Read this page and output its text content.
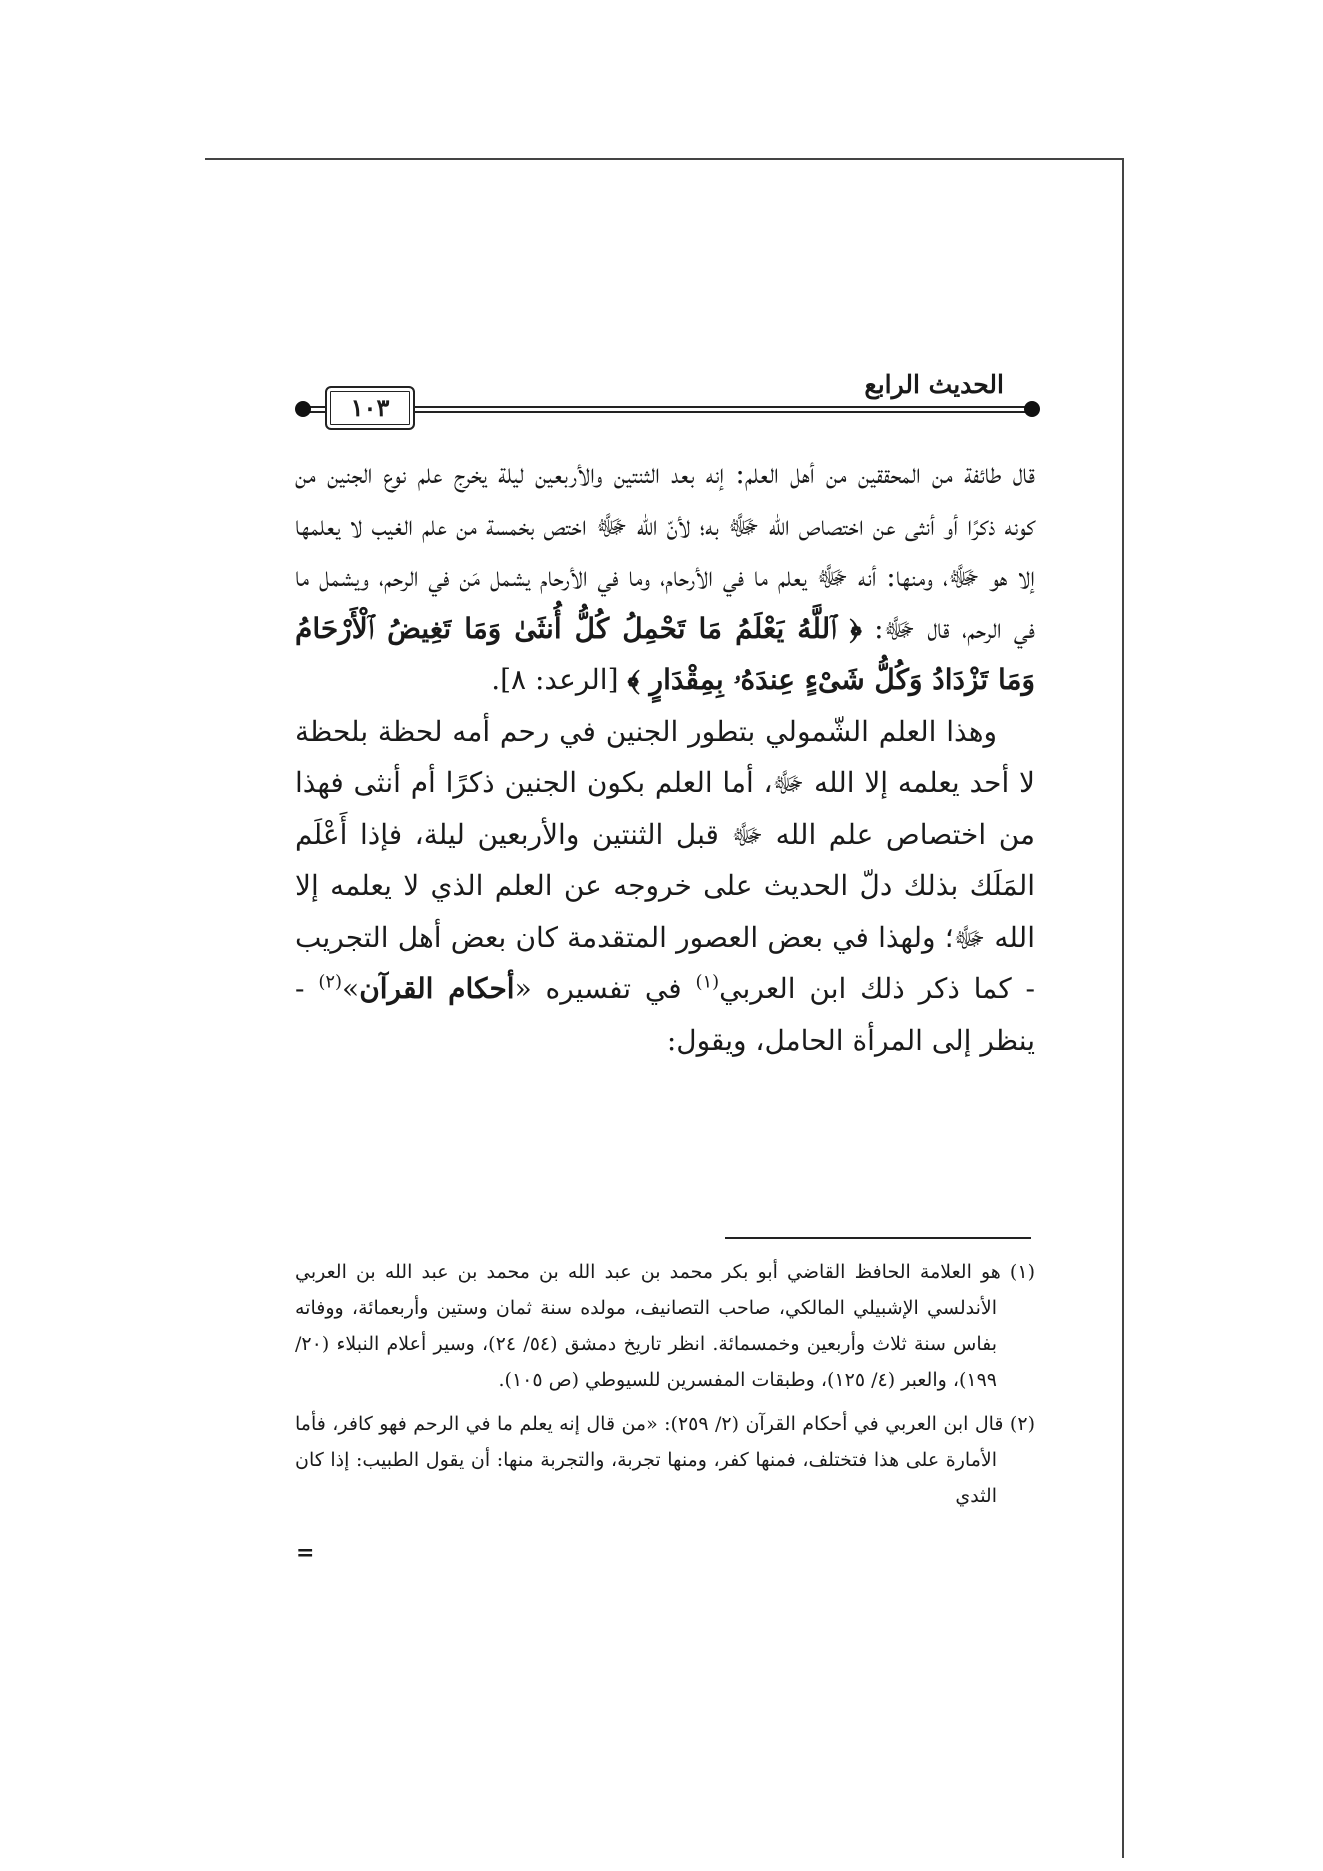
الحديث الرابع
١٠٣

قال طائفة من المحققين من أهل العلم: إنه بعد الثنتين والأربعين ليلة يخرج علم نوع الجنين من كونه ذكرًا أو أنثى عن اختصاص الله ﷻ به؛ لأنّ الله ﷻ اختص بخمسة من علم الغيب لا يعلمها إلا هو ﷻ، ومنها: أنه ﷻ يعلم ما في الأرحام، وما في الأرحام يشمل مَن في الرحم، ويشمل ما في الرحم، قال ﷻ: ﴿ ٱللَّهُ يَعْلَمُ مَا تَحْمِلُ كُلُّ أُنثَىٰ وَمَا تَغِيضُ ٱلْأَرْحَامُ وَمَا تَزْدَادُ وَكُلُّ شَىْءٍ عِندَهُۥ بِمِقْدَارٍ ﴾ [الرعد: ٨].

وهذا العلم الشّمولي بتطور الجنين في رحم أمه لحظة بلحظة لا أحد يعلمه إلا الله ﷻ، أما العلم بكون الجنين ذكرًا أم أنثى فهذا من اختصاص علم الله ﷻ قبل الثنتين والأربعين ليلة، فإذا أَعْلَم المَلَك بذلك دلّ الحديث على خروجه عن العلم الذي لا يعلمه إلا الله ﷻ؛ ولهذا في بعض العصور المتقدمة كان بعض أهل التجريب - كما ذكر ذلك ابن العربي$^{(١)}$ في تفسيره «أحكام القرآن»$^{(٢)}$ - ينظر إلى المرأة الحامل، ويقول:

(١) هو العلامة الحافظ القاضي أبو بكر محمد بن عبد الله بن محمد بن عبد الله بن العربي الأندلسي الإشبيلي المالكي، صاحب التصانيف، مولده سنة ثمان وستين وأربعمائة، ووفاته بفاس سنة ثلاث وأربعين وخمسمائة. انظر تاريخ دمشق (٥٤/ ٢٤)، وسير أعلام النبلاء (٢٠/ ١٩٩)، والعبر (٤/ ١٢٥)، وطبقات المفسرين للسيوطي (ص ١٠٥).

(٢) قال ابن العربي في أحكام القرآن (٢/ ٢٥٩): «من قال إنه يعلم ما في الرحم فهو كافر، فأما الأمارة على هذا فتختلف، فمنها كفر، ومنها تجربة، والتجربة منها: أن يقول الطبيب: إذا كان الثدي

=
